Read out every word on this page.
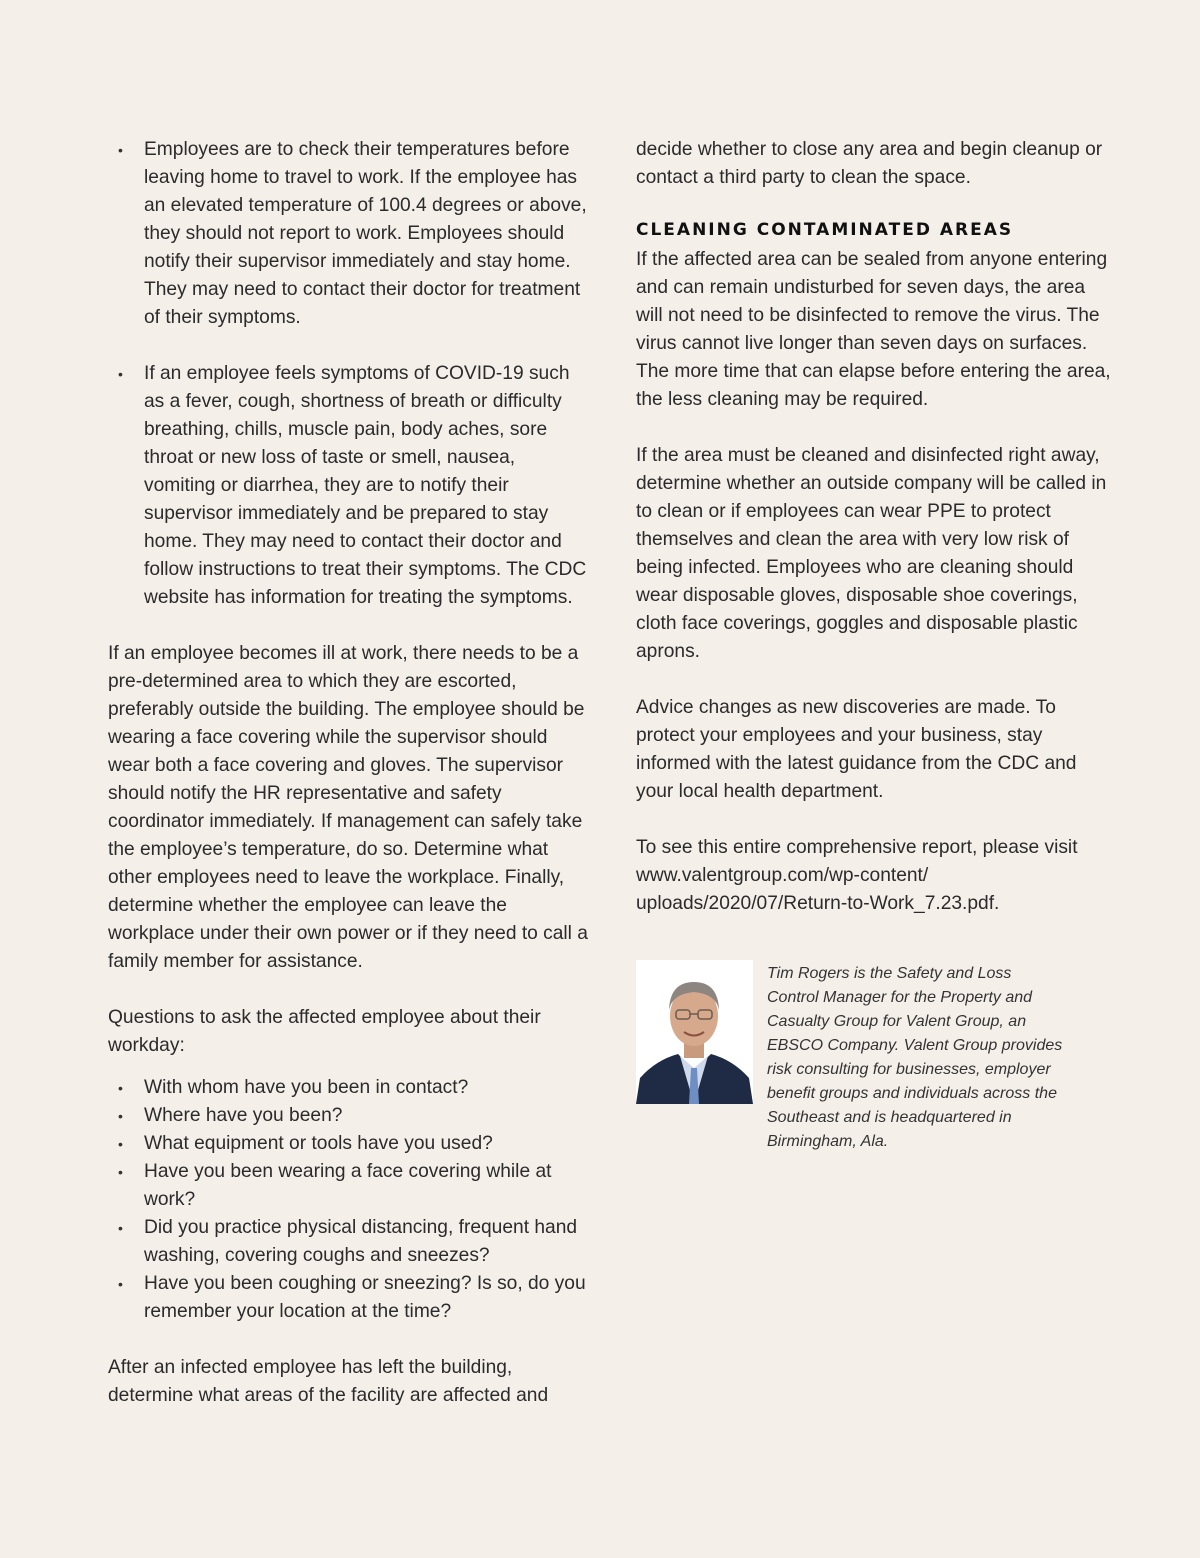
• Employees are to check their temperatures before leaving home to travel to work. If the employee has an elevated temperature of 100.4 degrees or above, they should not report to work. Employees should notify their supervisor immediately and stay home. They may need to contact their doctor for treatment of their symptoms.
• If an employee feels symptoms of COVID-19 such as a fever, cough, shortness of breath or difficulty breathing, chills, muscle pain, body aches, sore throat or new loss of taste or smell, nausea, vomiting or diarrhea, they are to notify their supervisor immediately and be prepared to stay home. They may need to contact their doctor and follow instructions to treat their symptoms. The CDC website has information for treating the symptoms.

If an employee becomes ill at work, there needs to be a pre-determined area to which they are escorted, preferably outside the building. The employee should be wearing a face covering while the supervisor should wear both a face covering and gloves. The supervisor should notify the HR representative and safety coordinator immediately. If management can safely take the employee’s temperature, do so. Determine what other employees need to leave the workplace. Finally, determine whether the employee can leave the workplace under their own power or if they need to call a family member for assistance.

Questions to ask the affected employee about their workday:

• With whom have you been in contact?
• Where have you been?
• What equipment or tools have you used?
• Have you been wearing a face covering while at work?
• Did you practice physical distancing, frequent hand washing, covering coughs and sneezes?
• Have you been coughing or sneezing? Is so, do you remember your location at the time?

After an infected employee has left the building, determine what areas of the facility are affected and

decide whether to close any area and begin cleanup or contact a third party to clean the space.

CLEANING CONTAMINATED AREAS

If the affected area can be sealed from anyone entering and can remain undisturbed for seven days, the area will not need to be disinfected to remove the virus. The virus cannot live longer than seven days on surfaces. The more time that can elapse before entering the area, the less cleaning may be required.

If the area must be cleaned and disinfected right away, determine whether an outside company will be called in to clean or if employees can wear PPE to protect themselves and clean the area with very low risk of being infected. Employees who are cleaning should wear disposable gloves, disposable shoe coverings, cloth face coverings, goggles and disposable plastic aprons.

Advice changes as new discoveries are made. To protect your employees and your business, stay informed with the latest guidance from the CDC and your local health department.

To see this entire comprehensive report, please visit
www.valentgroup.com/wp-content/
uploads/2020/07/Return-to-Work_7.23.pdf.

Tim Rogers is the Safety and Loss Control Manager for the Property and Casualty Group for Valent Group, an EBSCO Company. Valent Group provides risk consulting for businesses, employer benefit groups and individuals across the Southeast and is headquartered in Birmingham, Ala.
